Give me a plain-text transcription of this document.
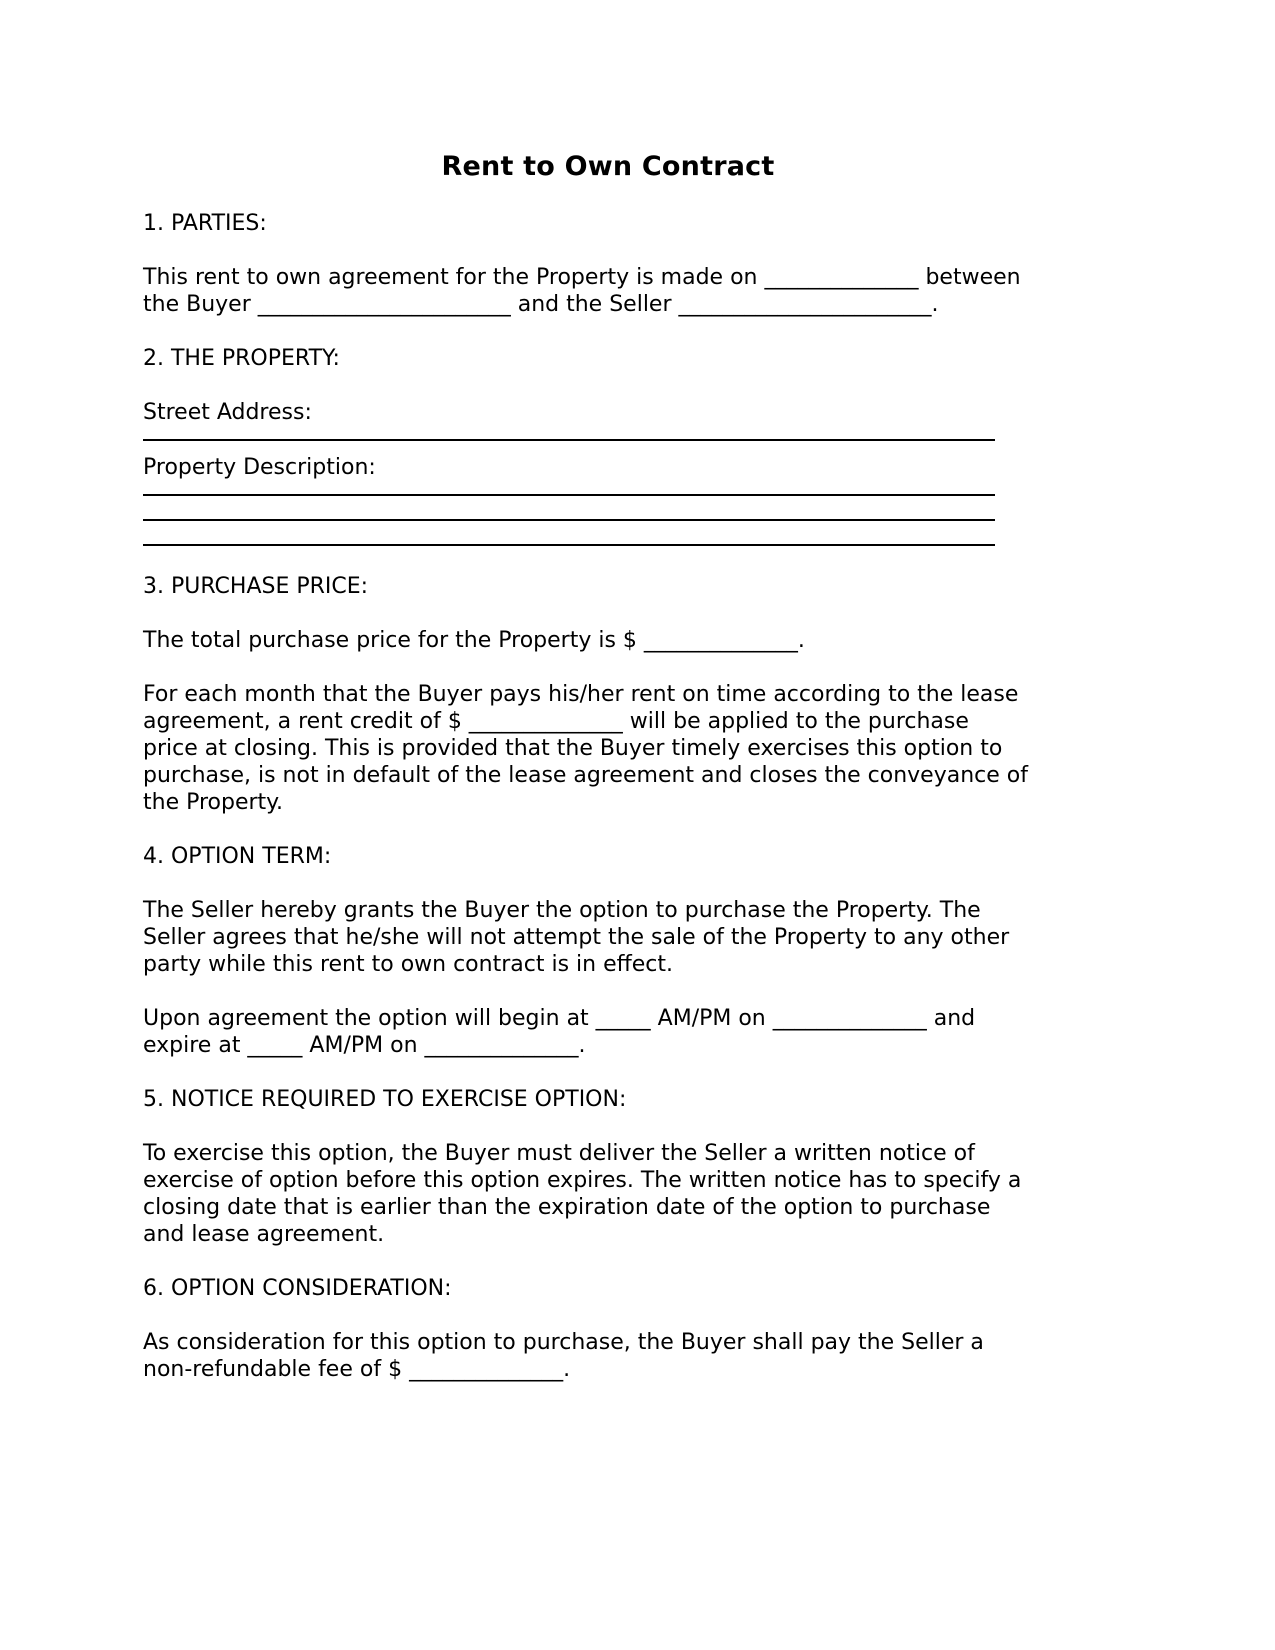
Rent to Own Contract
1. PARTIES:
This rent to own agreement for the Property is made on ______________ between
the Buyer _______________________ and the Seller _______________________.
2. THE PROPERTY:
Street Address:
Property Description:
3. PURCHASE PRICE:
The total purchase price for the Property is $ ______________.
For each month that the Buyer pays his/her rent on time according to the lease
agreement, a rent credit of $ ______________ will be applied to the purchase
price at closing. This is provided that the Buyer timely exercises this option to
purchase, is not in default of the lease agreement and closes the conveyance of
the Property.
4. OPTION TERM:
The Seller hereby grants the Buyer the option to purchase the Property. The
Seller agrees that he/she will not attempt the sale of the Property to any other
party while this rent to own contract is in effect.
Upon agreement the option will begin at _____ AM/PM on ______________ and
expire at _____ AM/PM on ______________.
5. NOTICE REQUIRED TO EXERCISE OPTION:
To exercise this option, the Buyer must deliver the Seller a written notice of
exercise of option before this option expires. The written notice has to specify a
closing date that is earlier than the expiration date of the option to purchase
and lease agreement.
6. OPTION CONSIDERATION:
As consideration for this option to purchase, the Buyer shall pay the Seller a
non-refundable fee of $ ______________.
